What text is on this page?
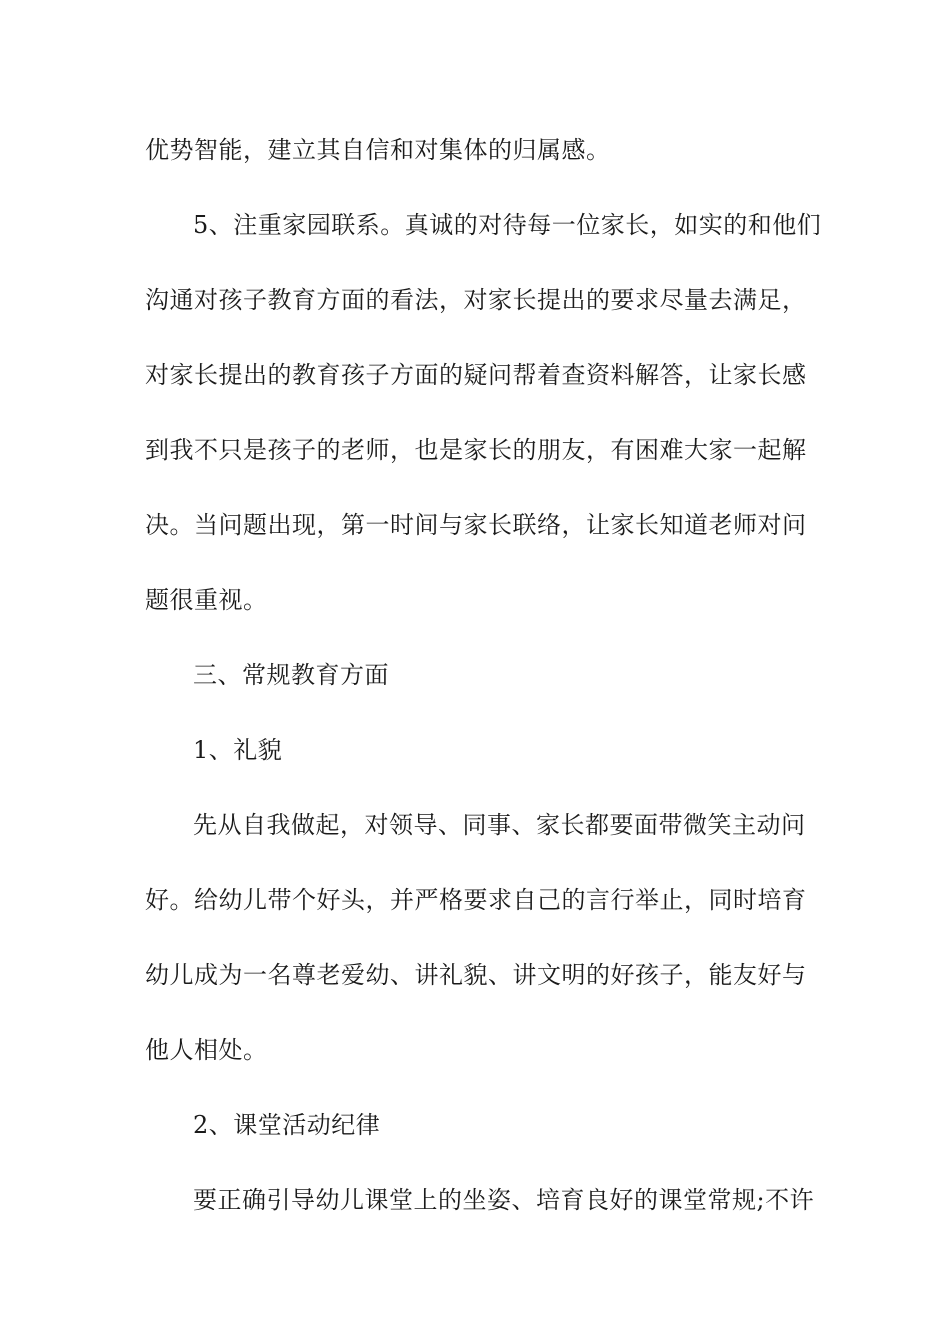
优势智能，建立其自信和对集体的归属感。
5、注重家园联系。真诚的对待每一位家长，如实的和他们
沟通对孩子教育方面的看法，对家长提出的要求尽量去满足，
对家长提出的教育孩子方面的疑问帮着查资料解答，让家长感
到我不只是孩子的老师，也是家长的朋友，有困难大家一起解
决。当问题出现，第一时间与家长联络，让家长知道老师对问
题很重视。
三、常规教育方面
1、礼貌
先从自我做起，对领导、同事、家长都要面带微笑主动问
好。给幼儿带个好头，并严格要求自己的言行举止，同时培育
幼儿成为一名尊老爱幼、讲礼貌、讲文明的好孩子，能友好与
他人相处。
2、课堂活动纪律
要正确引导幼儿课堂上的坐姿、培育良好的课堂常规;不许
